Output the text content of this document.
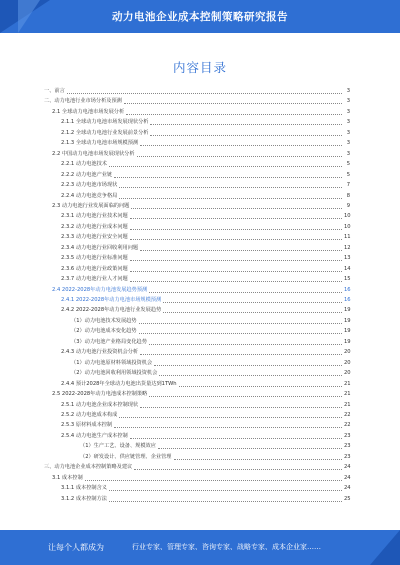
动力电池企业成本控制策略研究报告
内容目录
一、前言	3
二、动力电池行业市场分析及预测	3
2.1 全球动力电池市场发展分析	3
2.1.1 全球动力电池市场发展现状分析	3
2.1.2 全球动力电池行业发展前景分析	3
2.1.3 全球动力电池市场规模预测	3
2.2 中国动力电池市场发展现状分析	3
2.2.1 动力电池技术	5
2.2.2 动力电池产业链	5
2.2.3 动力电池市场现状	7
2.2.4 动力电池竞争格局	8
2.3 动力电池行业发展面临的问题	9
2.3.1 动力电池行业技术问题	10
2.3.2 动力电池行业成本问题	10
2.3.3 动力电池行业安全问题	11
2.3.4 动力电池行业回收利用问题	12
2.3.5 动力电池行业标准问题	13
2.3.6 动力电池行业政策问题	14
2.3.7 动力电池行业人才问题	15
2.4 2022-2028年动力电池发展趋势预测	16
2.4.1 2022-2028年动力电池市场规模预测	16
2.4.2 2022-2028年动力电池行业发展趋势	19
（1）动力电池技术发展趋势	19
（2）动力电池成本变化趋势	19
（3）动力电池产业格局变化趋势	19
2.4.3 动力电池行业投资机会分析	20
（1）动力电池原材料领域投资机会	20
（2）动力电池回收利用领域投资机会	20
2.4.4 预计2028年全球动力电池出货量达到1TWh	21
2.5 2022-2028年动力电池成本控制策略	21
2.5.1 动力电池企业成本控制现状	21
2.5.2 动力电池成本构成	22
2.5.3 原材料成本控制	22
2.5.4 动力电池生产成本控制	23
（1）生产工艺、设备、规模效应	23
（2）研发设计、供应链管理、企业管理	23
三、动力电池企业成本控制策略及建议	24
3.1 成本控制	24
3.1.1 成本控制含义	24
3.1.2 成本控制方法	25
让每个人都成为	行业专家、管理专家、咨询专家、战略专家、成本企业家……
